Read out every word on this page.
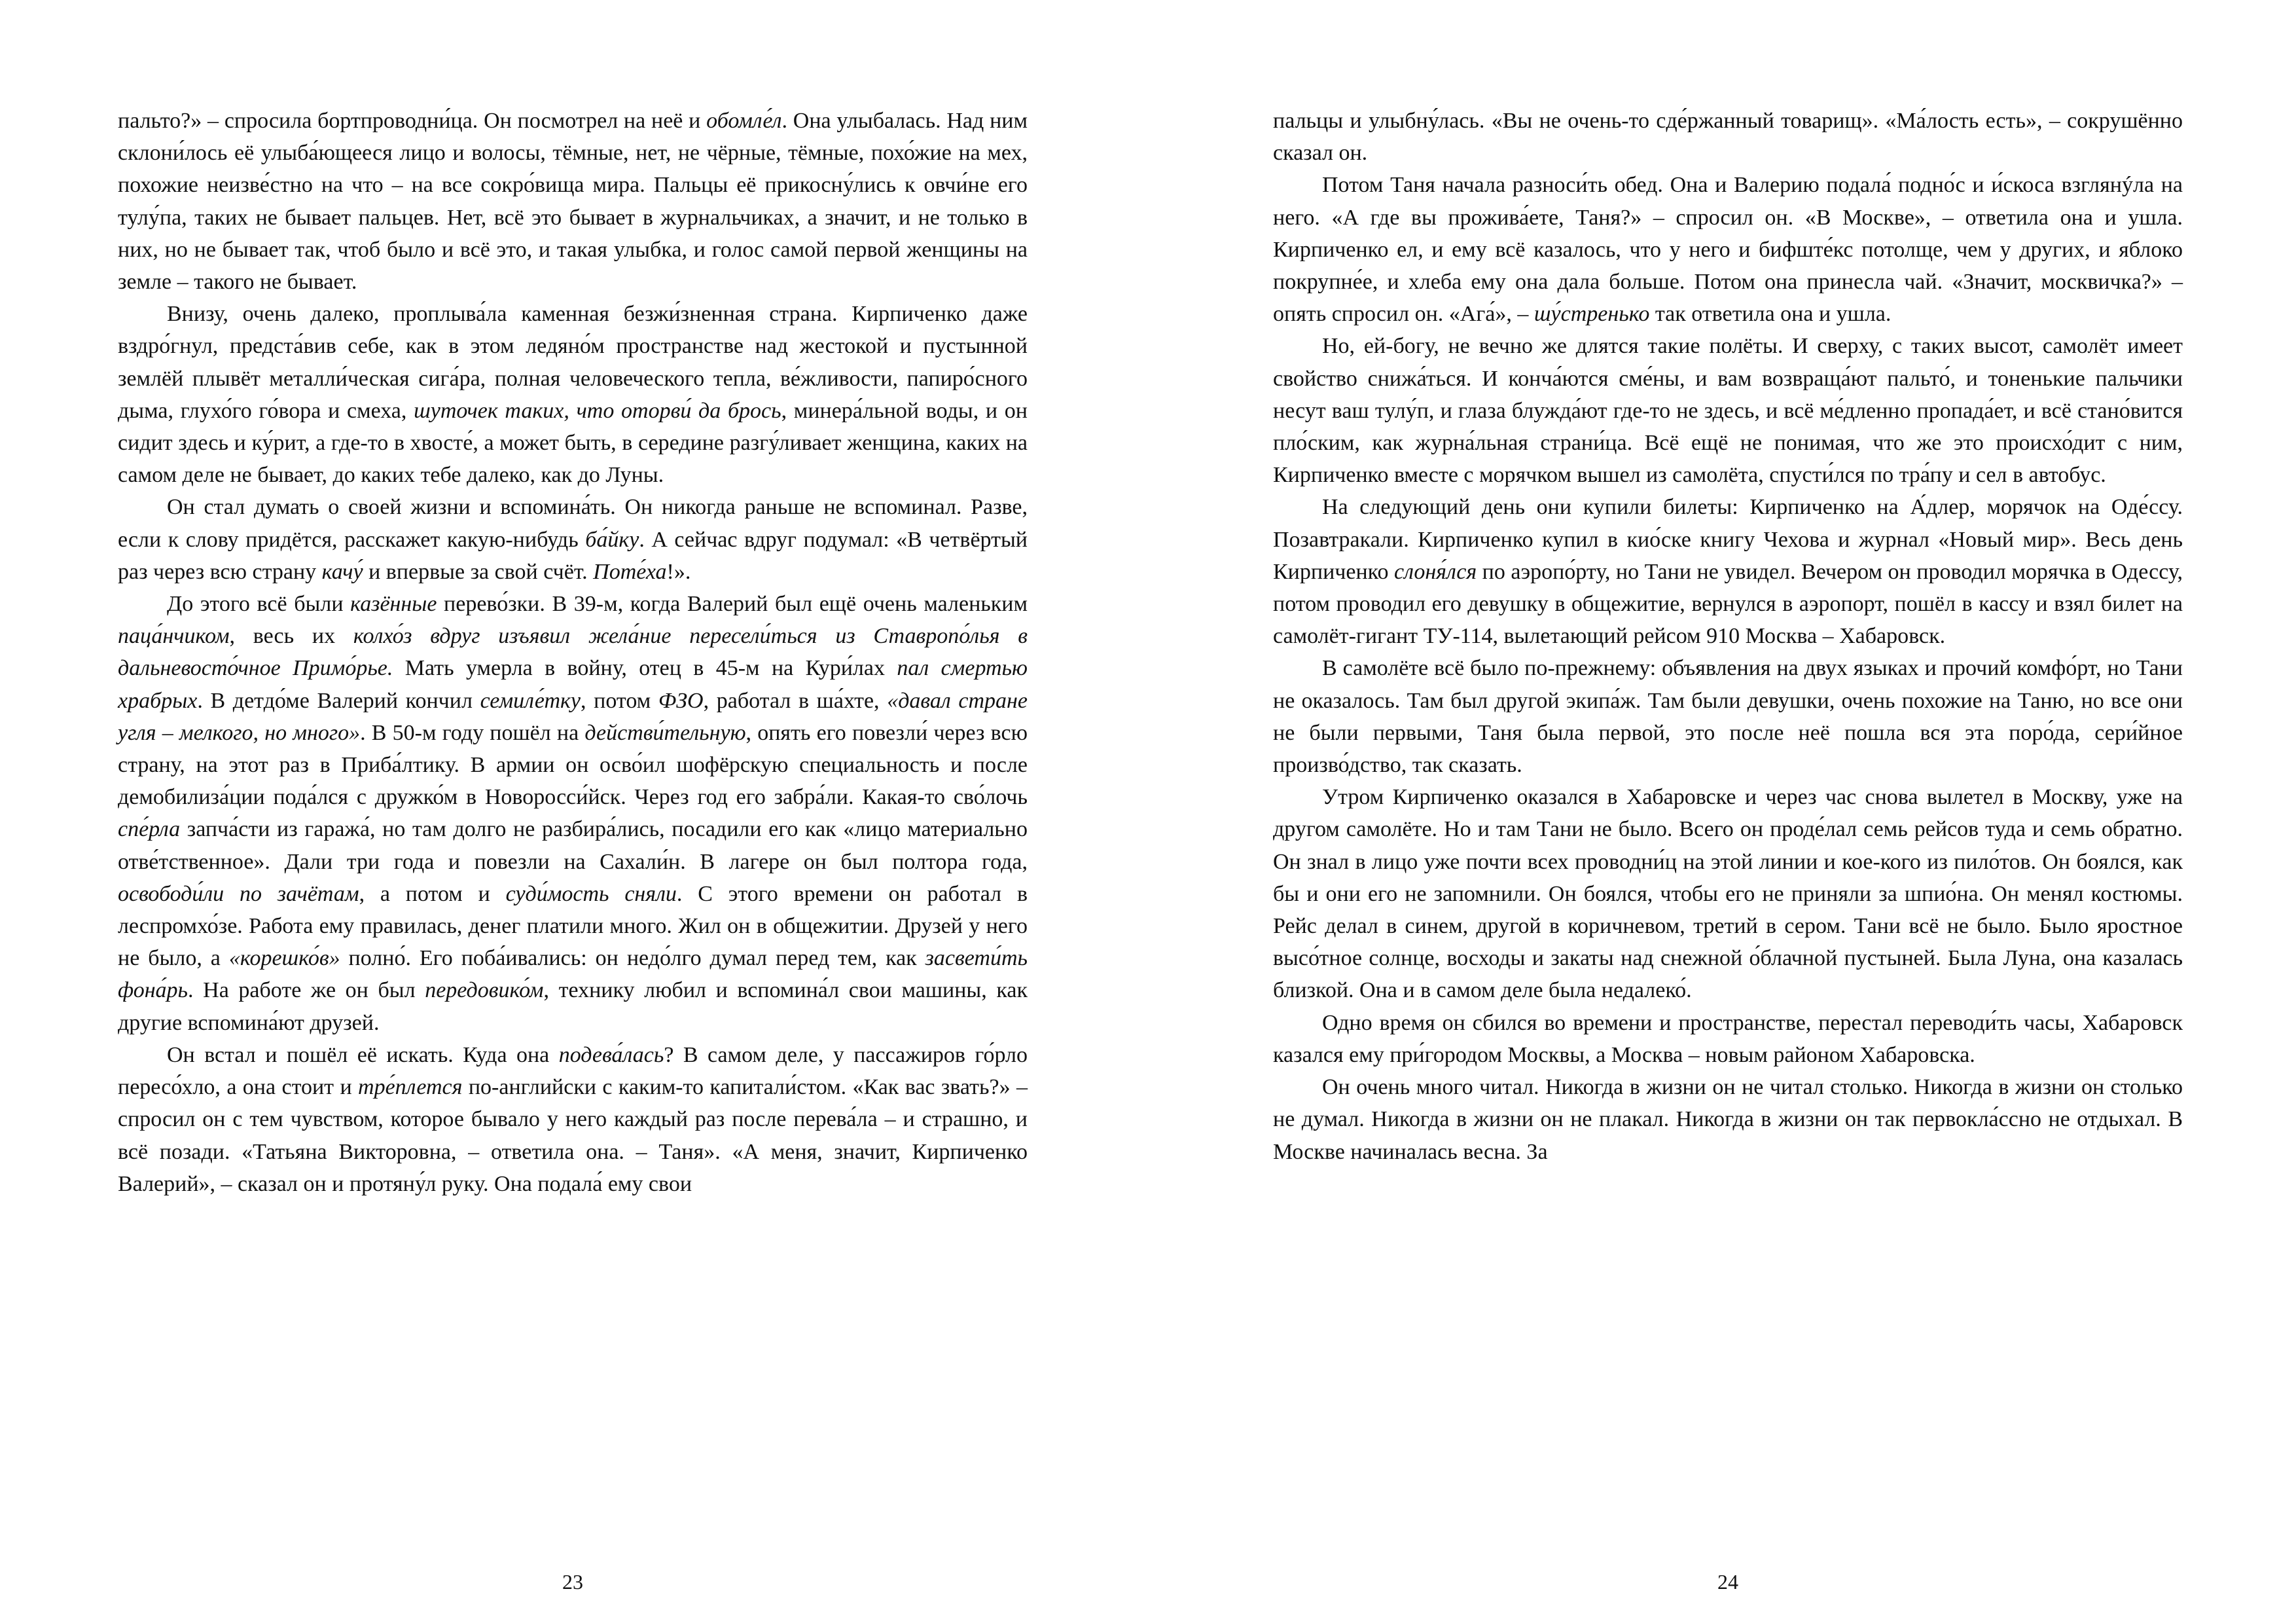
пальто?» – спросила бортпроводни́ца. Он посмотрел на неё и обомле́л. Она улыбалась. Над ним склони́лось её улыба́ющееся лицо и волосы, тёмные, нет, не чёрные, тёмные, похо́жие на мех, похожие неизве́стно на что – на все сокро́вища мира. Пальцы её прикосну́лись к овчи́не его тулу́па, таких не бывает пальцев. Нет, всё это бывает в журнальчиках, а значит, и не только в них, но не бывает так, чтоб было и всё это, и такая улыбка, и голос самой первой женщины на земле – такого не бывает.

Внизу, очень далеко, проплыва́ла каменная безжи́зненная страна. Кирпиченко даже вздро́гнул, предста́вив себе, как в этом ледяно́м пространстве над жестокой и пустынной землёй плывёт металли́ческая сига́ра, полная человеческого тепла, ве́жливости, папиро́сного дыма, глухо́го го́вора и смеха, шуточек таких, что оторви́ да брось, минера́льной воды, и он сидит здесь и ку́рит, а где-то в хвосте́, а может быть, в середине разгу́ливает женщина, каких на самом деле не бывает, до каких тебе далеко, как до Луны.

Он стал думать о своей жизни и вспомина́ть. Он никогда раньше не вспоминал. Разве, если к слову придётся, расскажет какую-нибудь ба́йку. А сейчас вдруг подумал: «В четвёртый раз через всю страну качу́ и впервые за свой счёт. Поте́ха!».

До этого всё были казённые перево́зки. В 39-м, когда Валерий был ещё очень маленьким паца́нчиком, весь их колхо́з вдруг изъявил жела́ние пересели́ться из Ставропо́лья в дальневосто́чное Примо́рье. Мать умерла в войну, отец в 45-м на Кури́лах пал смертью храбрых. В детдо́ме Валерий кончил семиле́тку, потом ФЗО, работал в ша́хте, «давал стране угля – мелкого, но много». В 50-м году пошёл на действи́тельную, опять его повезли́ через всю страну, на этот раз в Приба́лтику. В армии он осво́ил шофёрскую специальность и после демобилиза́ции пода́лся с дружко́м в Новоросси́йск. Через год его забра́ли. Какая-то сво́лочь спе́рла запча́сти из гаража́, но там долго не разбира́лись, посадили его как «лицо материально отве́тственное». Дали три года и повезли на Сахали́н. В лагере он был полтора года, освободи́ли по зачётам, а потом и суди́мость сняли. С этого времени он работал в леспромхо́зе. Работа ему правилась, денег платили много. Жил он в общежитии. Друзей у него не было, а «корешко́в» полно́. Его поба́ивались: он недо́лго думал перед тем, как засвети́ть фона́рь. На работе же он был передовико́м, технику любил и вспомина́л свои машины, как другие вспомина́ют друзей.

Он встал и пошёл её искать. Куда она подева́лась? В самом деле, у пассажиров го́рло пересо́хло, а она стоит и тре́плется по-английски с каким-то капитали́стом. «Как вас звать?» – спросил он с тем чувством, которое бывало у него каждый раз после перева́ла – и страшно, и всё позади. «Татьяна Викторовна, – ответила она. – Таня». «А меня, значит, Кирпиченко Валерий», – сказал он и протяну́л руку. Она подала́ ему свои

23

пальцы и улыбну́лась. «Вы не очень-то сде́ржанный товарищ». «Ма́лость есть», – сокрушённо сказал он.

Потом Таня начала разноси́ть обед. Она и Валерию подала́ подно́с и и́скоса взглянýла на него. «А где вы прожива́ете, Таня?» – спросил он. «В Москве», – ответила она и ушла. Кирпиченко ел, и ему всё казалось, что у него и бифште́кс потолще, чем у других, и яблоко покрупне́е, и хлеба ему она дала больше. Потом она принесла чай. «Значит, москвичка?» – опять спросил он. «Ага́», – шу́стренько так ответила она и ушла.

Но, ей-богу, не вечно же длятся такие полёты. И сверху, с таких высот, самолёт имеет свойство снижа́ться. И конча́ются сме́ны, и вам возвраща́ют пальто́, и тоненькие пальчики несут ваш тулу́п, и глаза блужда́ют где-то не здесь, и всё ме́дленно пропада́ет, и всё стано́вится пло́ским, как журна́льная страни́ца. Всё ещё не понимая, что же это происхо́дит с ним, Кирпиченко вместе с морячком вышел из самолёта, спусти́лся по тра́пу и сел в автобус.

На следующий день они купили билеты: Кирпиченко на А́длер, морячок на Оде́ссу. Позавтракали. Кирпиченко купил в кио́ске книгу Чехова и журнал «Новый мир». Весь день Кирпиченко слоня́лся по аэропо́рту, но Тани не увидел. Вечером он проводил морячка в Одессу, потом проводил его девушку в общежитие, вернулся в аэропорт, пошёл в кассу и взял билет на самолёт-гигант ТУ-114, вылетающий рейсом 910 Москва – Хабаровск.

В самолёте всё было по-прежнему: объявления на двух языках и прочий комфо́рт, но Тани не оказалось. Там был другой экипа́ж. Там были девушки, очень похожие на Таню, но все они не были первыми, Таня была первой, это после неё пошла вся эта поро́да, сери́йное произво́дство, так сказать.

Утром Кирпиченко оказался в Хабаровске и через час снова вылетел в Москву, уже на другом самолёте. Но и там Тани не было. Всего он проде́лал семь рейсов туда и семь обратно. Он знал в лицо уже почти всех проводни́ц на этой линии и кое-кого из пило́тов. Он боялся, как бы и они его не запомнили. Он боялся, чтобы его не приняли за шпио́на. Он менял костюмы. Рейс делал в синем, другой в коричневом, третий в сером. Тани всё не было. Было яростное высо́тное солнце, восходы и закаты над снежной о́блачной пустыней. Была Луна, она казалась близкой. Она и в самом деле была недалеко́.

Одно время он сбился во времени и пространстве, перестал переводи́ть часы, Хабаровск казался ему при́городом Москвы, а Москва – новым районом Хабаровска.

Он очень много читал. Никогда в жизни он не читал столько. Никогда в жизни он столько не думал. Никогда в жизни он не плакал. Никогда в жизни он так первокла́ссно не отдыхал. В Москве начиналась весна. За

24
